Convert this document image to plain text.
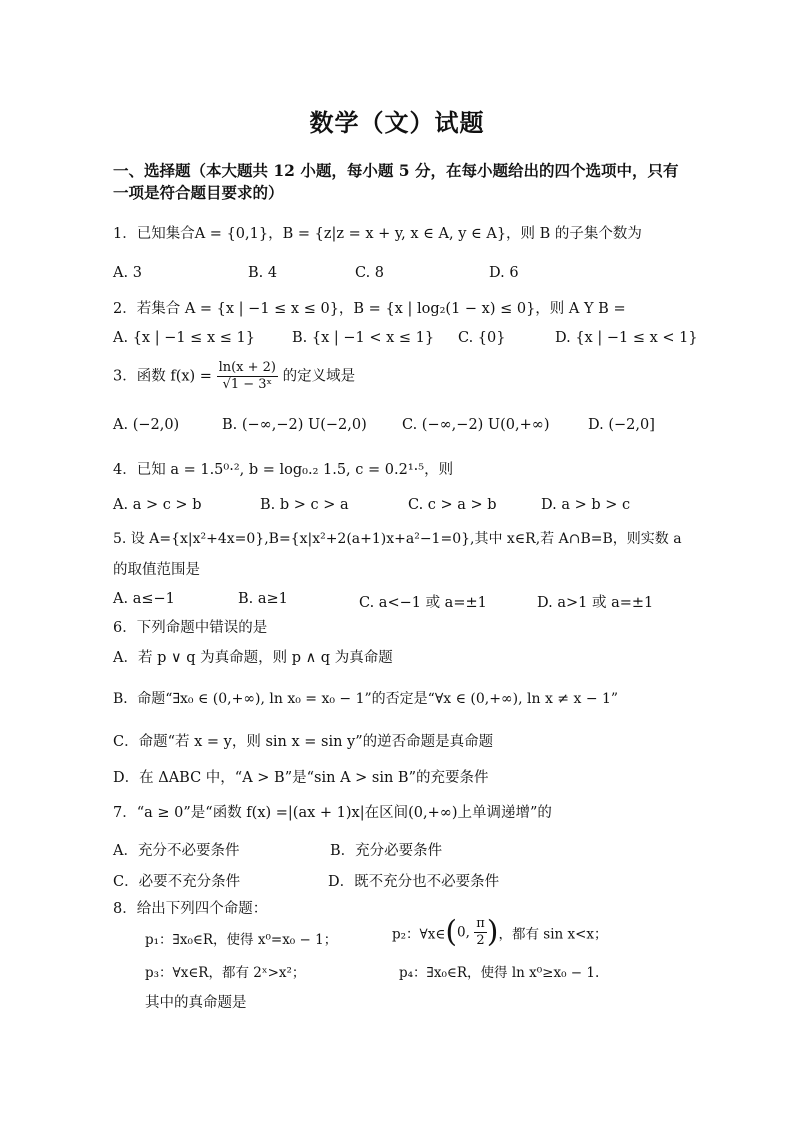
数学（文）试题
一、选择题（本大题共 12 小题，每小题 5 分，在每小题给出的四个选项中，只有
一项是符合题目要求的）
1．已知集合A = {0,1}，B = {z|z = x + y, x ∈ A, y ∈ A}，则 B 的子集个数为
A. 3	B. 4	C. 8	D. 6
2．若集合 A = {x | −1 ≤ x ≤ 0}，B = {x | log₂(1 − x) ≤ 0}，则 A Y B =
A. {x | −1 ≤ x ≤ 1}	B. {x | −1 < x ≤ 1} C. {0}	D. {x | −1 ≤ x < 1}
3．函数 $f(x) = \frac{\ln(x + 2)}{\text{√1 − 3ˣ}}$ 的定义域是
A. (−2,0)	B. (−∞,−2) U(−2,0) C. (−∞,−2) U(0,+∞)	D. (−2,0]
4．已知 a = 1.5⁰·², b = log₀.₂ 1.5, c = 0.2¹·⁵，则
A. a > c > b	B. b > c > a	C. c > a > b	D. a > b > c
5. 设 A={x|x²+4x=0},B={x|x²+2(a+1)x+a²−1=0},其中 x∈R,若 A∩B=B，则实数 a
的取值范围是
A. a≤−1	B. a≥1	C. a<−1 或 a=±1	D. a>1 或 a=±1
6．下列命题中错误的是
A．若 p ∨ q 为真命题，则 p ∧ q 为真命题
B．命题“∃x₀ ∈ (0,+∞), ln x₀ = x₀ − 1”的否定是“∀x ∈ (0,+∞), ln x ≠ x − 1”
C．命题“若 x = y，则 sin x = sin y”的逆否命题是真命题
D．在 ΔABC 中，“A > B”是“sin A > sin B”的充要条件
7．“a ≥ 0”是“函数 f(x) =|(ax + 1)x|在区间(0,+∞)上单调递增”的
A．充分不必要条件	B．充分必要条件
C．必要不充分条件	D．既不充分也不必要条件
8．给出下列四个命题：
p₁：∃x₀∈R，使得 x⁰=x₀ − 1；	p₂：∀x∈(0, $\frac{\pi}{2}$ )，都有 sin x<x；
p₃：∀x∈R，都有 2ˣ>x²；	p₄：∃x₀∈R，使得 ln x⁰≥x₀ − 1.
其中的真命题是
